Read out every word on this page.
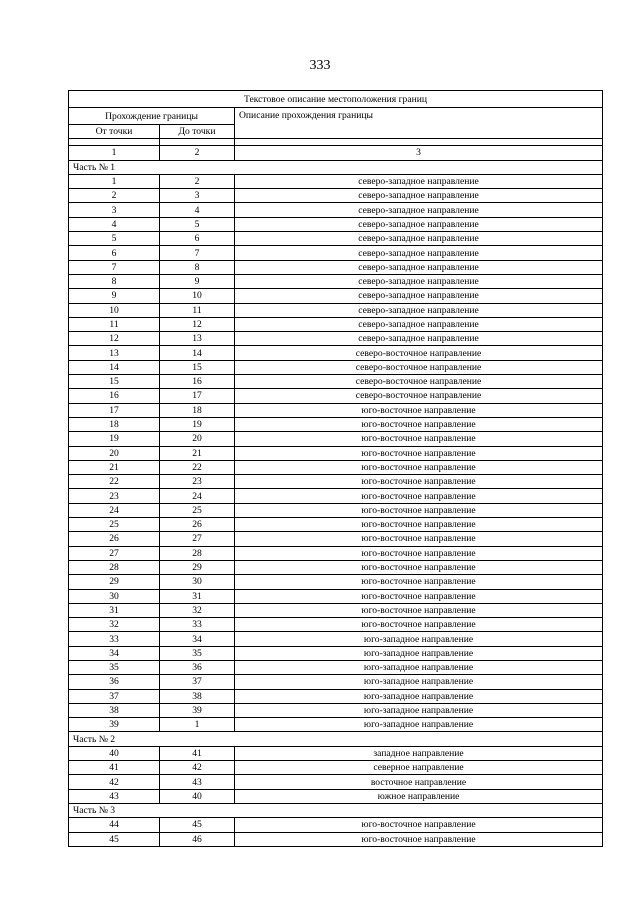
333
Текстовое описание местоположения границ		
Прохождение границы		Описание прохождения границы
От точки	До точки	

1	2	3
Часть № 1		
1	2	северо-западное направление
2	3	северо-западное направление
3	4	северо-западное направление
4	5	северо-западное направление
5	6	северо-западное направление
6	7	северо-западное направление
7	8	северо-западное направление
8	9	северо-западное направление
9	10	северо-западное направление
10	11	северо-западное направление
11	12	северо-западное направление
12	13	северо-западное направление
13	14	северо-восточное направление
14	15	северо-восточное направление
15	16	северо-восточное направление
16	17	северо-восточное направление
17	18	юго-восточное направление
18	19	юго-восточное направление
19	20	юго-восточное направление
20	21	юго-восточное направление
21	22	юго-восточное направление
22	23	юго-восточное направление
23	24	юго-восточное направление
24	25	юго-восточное направление
25	26	юго-восточное направление
26	27	юго-восточное направление
27	28	юго-восточное направление
28	29	юго-восточное направление
29	30	юго-восточное направление
30	31	юго-восточное направление
31	32	юго-восточное направление
32	33	юго-восточное направление
33	34	юго-западное направление
34	35	юго-западное направление
35	36	юго-западное направление
36	37	юго-западное направление
37	38	юго-западное направление
38	39	юго-западное направление
39	1	юго-западное направление
Часть № 2		
40	41	западное направление
41	42	северное направление
42	43	восточное направление
43	40	южное направление
Часть № 3		
44	45	юго-восточное направление
45	46	юго-восточное направление
